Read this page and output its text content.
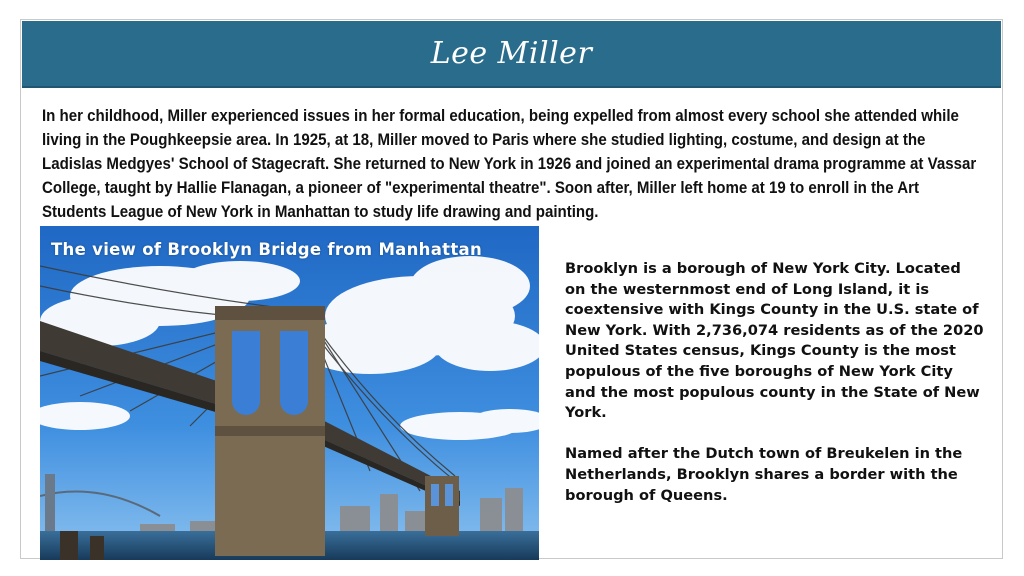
Lee Miller
In her childhood, Miller experienced issues in her formal education, being expelled from almost every school she attended while living in the Poughkeepsie area. In 1925, at 18, Miller moved to Paris where she studied lighting, costume, and design at the Ladislas Medgyes' School of Stagecraft. She returned to New York in 1926 and joined an experimental drama programme at Vassar College, taught by Hallie Flanagan, a pioneer of "experimental theatre". Soon after, Miller left home at 19 to enroll in the Art Students League of New York in Manhattan to study life drawing and painting.
The view of Brooklyn Bridge from Manhattan

Brooklyn is a borough of New York City. Located on the westernmost end of Long Island, it is coextensive with Kings County in the U.S. state of New York. With 2,736,074 residents as of the 2020 United States census, Kings County is the most populous of the five boroughs of New York City and the most populous county in the State of New York.

Named after the Dutch town of Breukelen in the Netherlands, Brooklyn shares a border with the borough of Queens.
